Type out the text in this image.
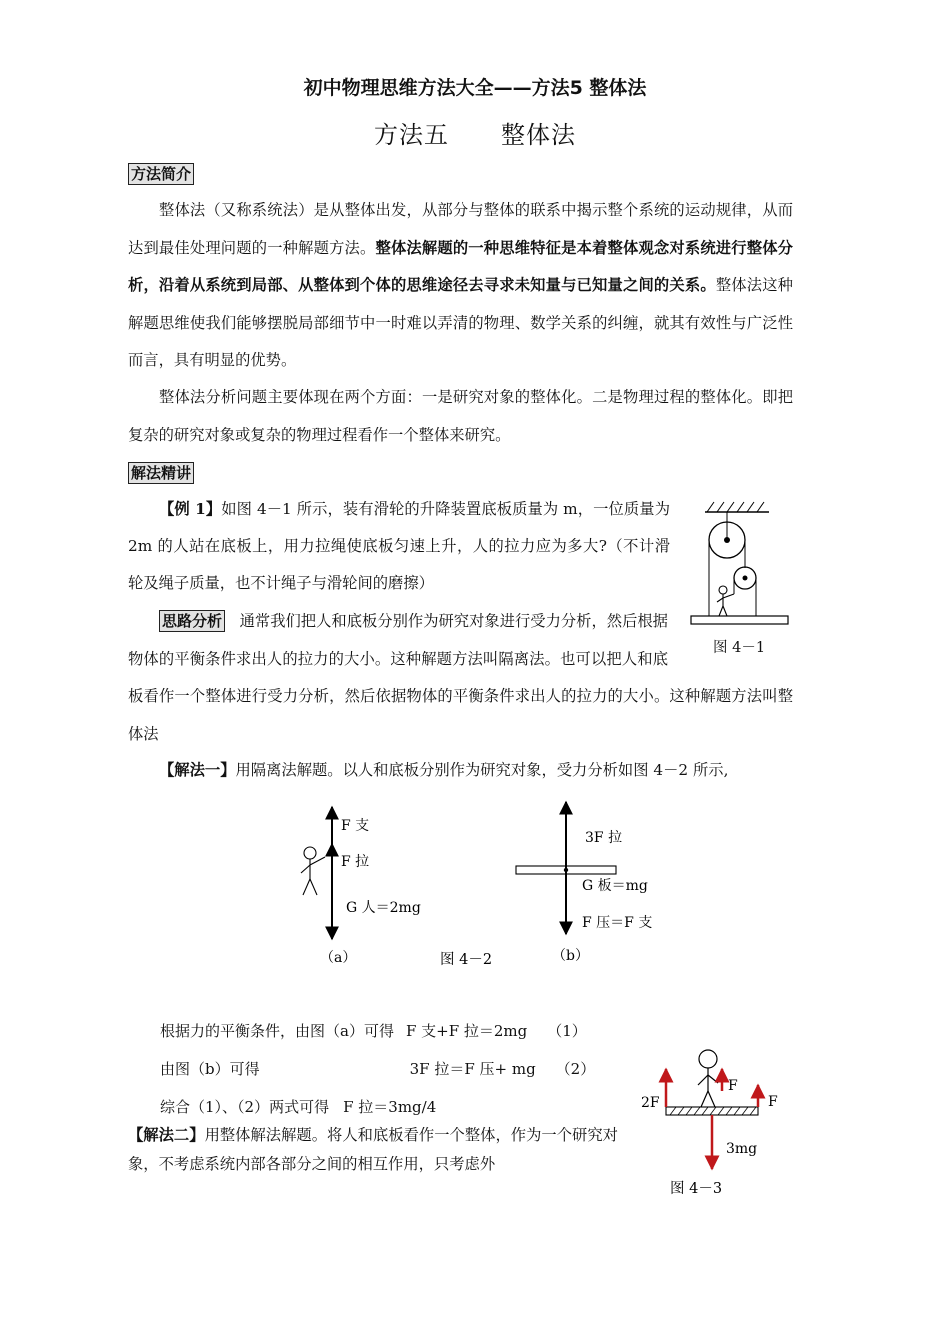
初中物理思维方法大全——方法5 整体法
方法五 整体法
方法简介
整体法（又称系统法）是从整体出发，从部分与整体的联系中揭示整个系统的运动规律，从而达到最佳处理问题的一种解题方法。整体法解题的一种思维特征是本着整体观念对系统进行整体分析，沿着从系统到局部、从整体到个体的思维途径去寻求未知量与已知量之间的关系。整体法这种解题思维使我们能够摆脱局部细节中一时难以弄清的物理、数学关系的纠缠，就其有效性与广泛性而言，具有明显的优势。
整体法分析问题主要体现在两个方面：一是研究对象的整体化。二是物理过程的整体化。即把复杂的研究对象或复杂的物理过程看作一个整体来研究。
解法精讲
【例 1】如图 4－1 所示，装有滑轮的升降装置底板质量为 m，一位质量为 2m 的人站在底板上，用力拉绳使底板匀速上升，人的拉力应为多大?（不计滑轮及绳子质量，也不计绳子与滑轮间的磨擦）
思路分析 通常我们把人和底板分别作为研究对象进行受力分析，然后根据物体的平衡条件求出人的拉力的大小。这种解题方法叫隔离法。也可以把人和底板看作一个整体进行受力分析，然后依据物体的平衡条件求出人的拉力的大小。这种解题方法叫整体法
【解法一】用隔离法解题。以人和底板分别作为研究对象，受力分析如图 4－2 所示,
图 4－1
F 支
F 拉
G 人＝2mg
（a）	图 4－2
3F 拉
G 板＝mg
F 压＝F 支
（b）
根据力的平衡条件，由图（a）可得 F 支+F 拉＝2mg （1）
由图（b）可得	3F 拉＝F 压+ mg （2）
综合（1）、（2）两式可得 F 拉＝3mg/4
【解法二】用整体解法解题。将人和底板看作一个整体，作为一个研究对象，不考虑系统内部各部分之间的相互作用，只考虑外
2F
F
F
3mg
图 4－3
